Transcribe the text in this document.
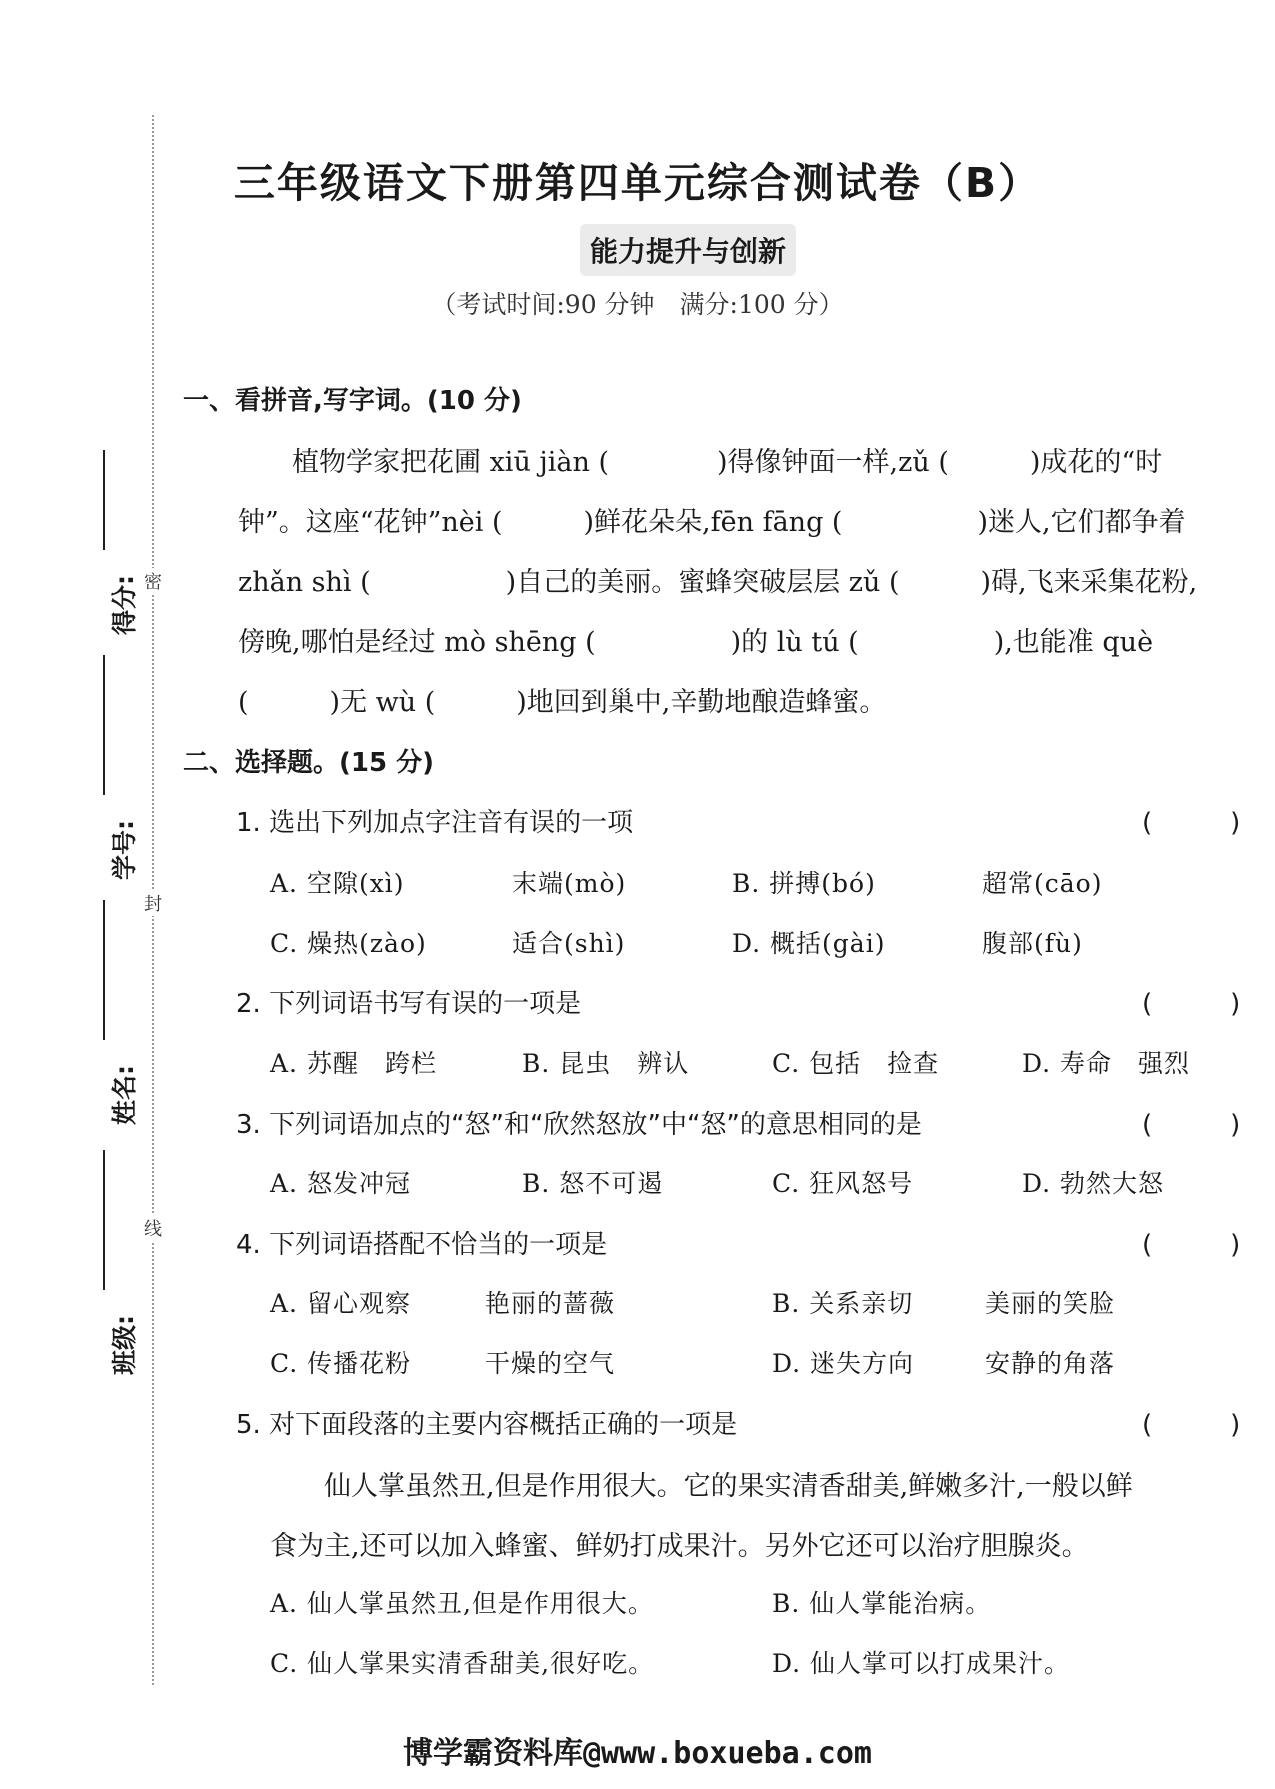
密
封
线
得分:
学号:
姓名:
班级:
三年级语文下册第四单元综合测试卷（B）
能力提升与创新
（考试时间:90 分钟　满分:100 分）
一、看拼音,写字词。(10 分)
　　植物学家把花圃 xiū jiàn (　　　　)得像钟面一样,zǔ (　　　)成花的“时
钟”。这座“花钟”nèi (　　　)鲜花朵朵,fēn fāng (　　　　　)迷人,它们都争着
zhǎn shì (　　　　　)自己的美丽。蜜蜂突破层层 zǔ (　　　)碍,飞来采集花粉,
傍晚,哪怕是经过 mò shēng (　　　　　)的 lù tú (　　　　　),也能准 què
(　　　)无 wù (　　　)地回到巢中,辛勤地酿造蜂蜜。
二、选择题。(15 分)
1. 选出下列加点字注音有误的一项	(　　　)
A. 空隙(xì)	末端(mò)	B. 拼搏(bó)	超常(cāo)
C. 燥热(zào)	适合(shì)	D. 概括(gài)	腹部(fù)
2. 下列词语书写有误的一项是	(　　　)
A. 苏醒　跨栏	B. 昆虫　辨认	C. 包括　捡查	D. 寿命　强烈
3. 下列词语加点的“怒”和“欣然怒放”中“怒”的意思相同的是	(　　　)
A. 怒发冲冠	B. 怒不可遏	C. 狂风怒号	D. 勃然大怒
4. 下列词语搭配不恰当的一项是	(　　　)
A. 留心观察	艳丽的蔷薇	B. 关系亲切	美丽的笑脸
C. 传播花粉	干燥的空气	D. 迷失方向	安静的角落
5. 对下面段落的主要内容概括正确的一项是	(　　　)
　　仙人掌虽然丑,但是作用很大。它的果实清香甜美,鲜嫩多汁,一般以鲜
食为主,还可以加入蜂蜜、鲜奶打成果汁。另外它还可以治疗胆腺炎。
A. 仙人掌虽然丑,但是作用很大。	B. 仙人掌能治病。
C. 仙人掌果实清香甜美,很好吃。	D. 仙人掌可以打成果汁。
博学霸资料库@www.boxueba.com
